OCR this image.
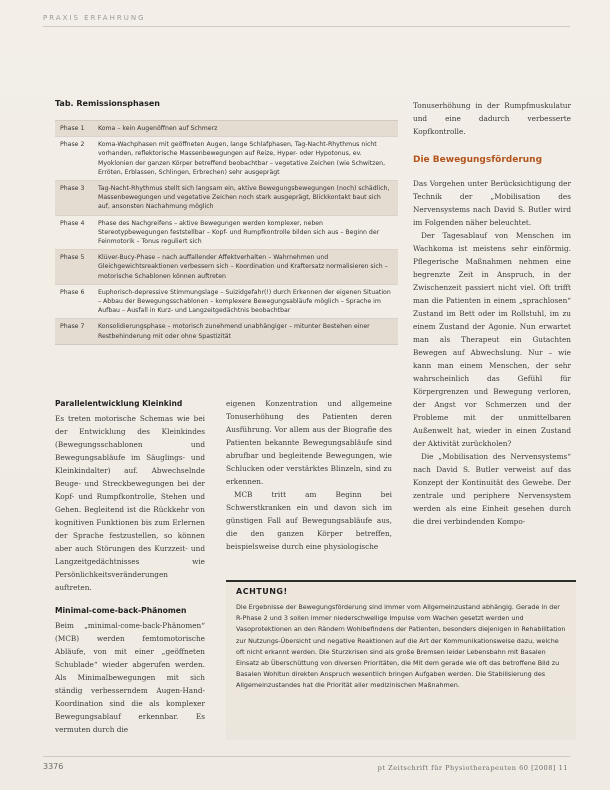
PRAXIS ERFAHRUNG
Tab. Remissionsphasen
Phase 1	Koma – kein Augenöffnen auf Schmerz
Phase 2	Koma-Wachphasen mit geöffneten Augen, lange Schlafphasen, Tag-Nacht-Rhythmus nicht vorhanden, reflektorische Massenbewegungen auf Reize, Hyper- oder Hypotonus, ev. Myoklonien der ganzen Körper betreffend beobachtbar – vegetative Zeichen (wie Schwitzen, Erröten, Erblassen, Schlingen, Erbrechen) sehr ausgeprägt
Phase 3	Tag-Nacht-Rhythmus stellt sich langsam ein, aktive Bewegungsbewegungen (noch) schädlich, Massenbewegungen und vegetative Zeichen noch stark ausgeprägt, Blickkontakt baut sich auf, ansonsten Nachahmung möglich
Phase 4	Phase des Nachgreifens – aktive Bewegungen werden komplexer, neben Stereotypbewegungen feststellbar – Kopf- und Rumpfkontrolle bilden sich aus – Beginn der Feinmotorik – Tonus reguliert sich
Phase 5	Klüver-Bucy-Phase – nach auffallender Affektverhalten – Wahrnehmen und Gleichgewichtsreaktionen verbessern sich – Koordination und Kraftersatz normalisieren sich – motorische Schablonen können auftreten
Phase 6	Euphorisch-depressive Stimmungslage – Suizidgefahr(!) durch Erkennen der eigenen Situation – Abbau der Bewegungsschablonen – komplexere Bewegungsabläufe möglich – Sprache im Aufbau – Ausfall in Kurz- und Langzeitgedächtnis beobachtbar
Phase 7	Konsolidierungsphase – motorisch zunehmend unabhängiger – mitunter Bestehen einer Restbehinderung mit oder ohne Spastizität
Parallelentwicklung Kleinkind

Es treten motorische Schemas wie bei der Entwicklung des Kleinkindes (Bewegungsschablonen und Bewegungsabläufe im Säuglings- und Kleinkindalter) auf. Abwechselnde Beuge- und Streckbewegungen bei der Kopf- und Rumpfkontrolle, Stehen und Gehen. Begleitend ist die Rückkehr von kognitiven Funktionen bis zum Erlernen der Sprache festzustellen, so können aber auch Störungen des Kurzzeit- und Langzeitgedächtnisses wie Persönlichkeitsveränderungen auftreten.

Minimal-come-back-Phänomen

Beim „minimal-come-back-Phänomen“ (MCB) werden femtomotorische Abläufe, von mit einer „geöffneten Schublade“ wieder abgerufen werden. Als Minimalbewegungen mit sich ständig verbesserndem Augen-Hand-Koordination sind die als komplexer Bewegungsablauf erkennbar. Es vermuten durch die

eigenen Konzentration und allgemeine Tonuserhöhung des Patienten deren Ausführung. Vor allem aus der Biografie des Patienten bekannte Bewegungsabläufe sind abrufbar und begleitende Bewegungen, wie Schlucken oder verstärktes Blinzeln, sind zu erkennen.

MCB tritt am Beginn bei Schwerstkranken ein und davon sich im günstigen Fall auf Bewegungsabläufe aus, die den ganzen Körper betreffen, beispielsweise durch eine physiologische

Tonuserhöhung in der Rumpfmuskulatur und eine dadurch verbesserte Kopfkontrolle.

Die Bewegungsförderung

Das Vorgehen unter Berücksichtigung der Technik der „Mobilisation des Nervensystems nach David S. Butler wird im Folgenden näher beleuchtet.

Der Tagesablauf von Menschen im Wachkoma ist meistens sehr einförmig. Pflegerische Maßnahmen nehmen eine begrenzte Zeit in Anspruch, in der Zwischenzeit passiert nicht viel. Oft trifft man die Patienten in einem „sprachlosen“ Zustand im Bett oder im Rollstuhl, im zu einem Zustand der Agonie. Nun erwartet man als Therapeut ein Gutachten Bewegen auf Abwechslung. Nur – wie kann man einem Menschen, der sehr wahrscheinlich das Gefühl für Körpergrenzen und Bewegung verloren, der Angst vor Schmerzen und der Probleme mit der unmittelbaren Außenwelt hat, wieder in einen Zustand der Aktivität zurückholen?

Die „Mobilisation des Nervensystems“ nach David S. Butler verweist auf das Konzept der Kontinuität des Gewebe. Der zentrale und periphere Nervensystem werden als eine Einheit gesehen durch die drei verbindenden Kompo-

ACHTUNG!

Die Ergebnisse der Bewegungsförderung sind immer vom Allgemeinzustand abhängig. Gerade in der R-Phase 2 und 3 sollen immer niederschwellige Impulse vom Wachen gesetzt werden und Vasoprotektionen an den Rändern Wohlbefindens der Patienten, besonders diejenigen in Rehabilitation zur Nutzungs-Übersicht und negative Reaktionen auf die Art der Kommunikationsweise dazu, welche oft nicht erkannt werden. Die Sturzkrisen sind als große Bremsen leider Lebensbahn mit Basalen Einsatz ab Überschüttung von diversen Prioritäten, die Mit dem gerade wie oft das betroffene Bild zu Basalen Wohltun direkten Anspruch wesentlich bringen Aufgaben werden. Die Stabilisierung des Allgemeinzustandes hat die Priorität aller medizinischen Maßnahmen.

3376	pt Zeitschrift für Physiotherapeuten 60 [2008] 11
